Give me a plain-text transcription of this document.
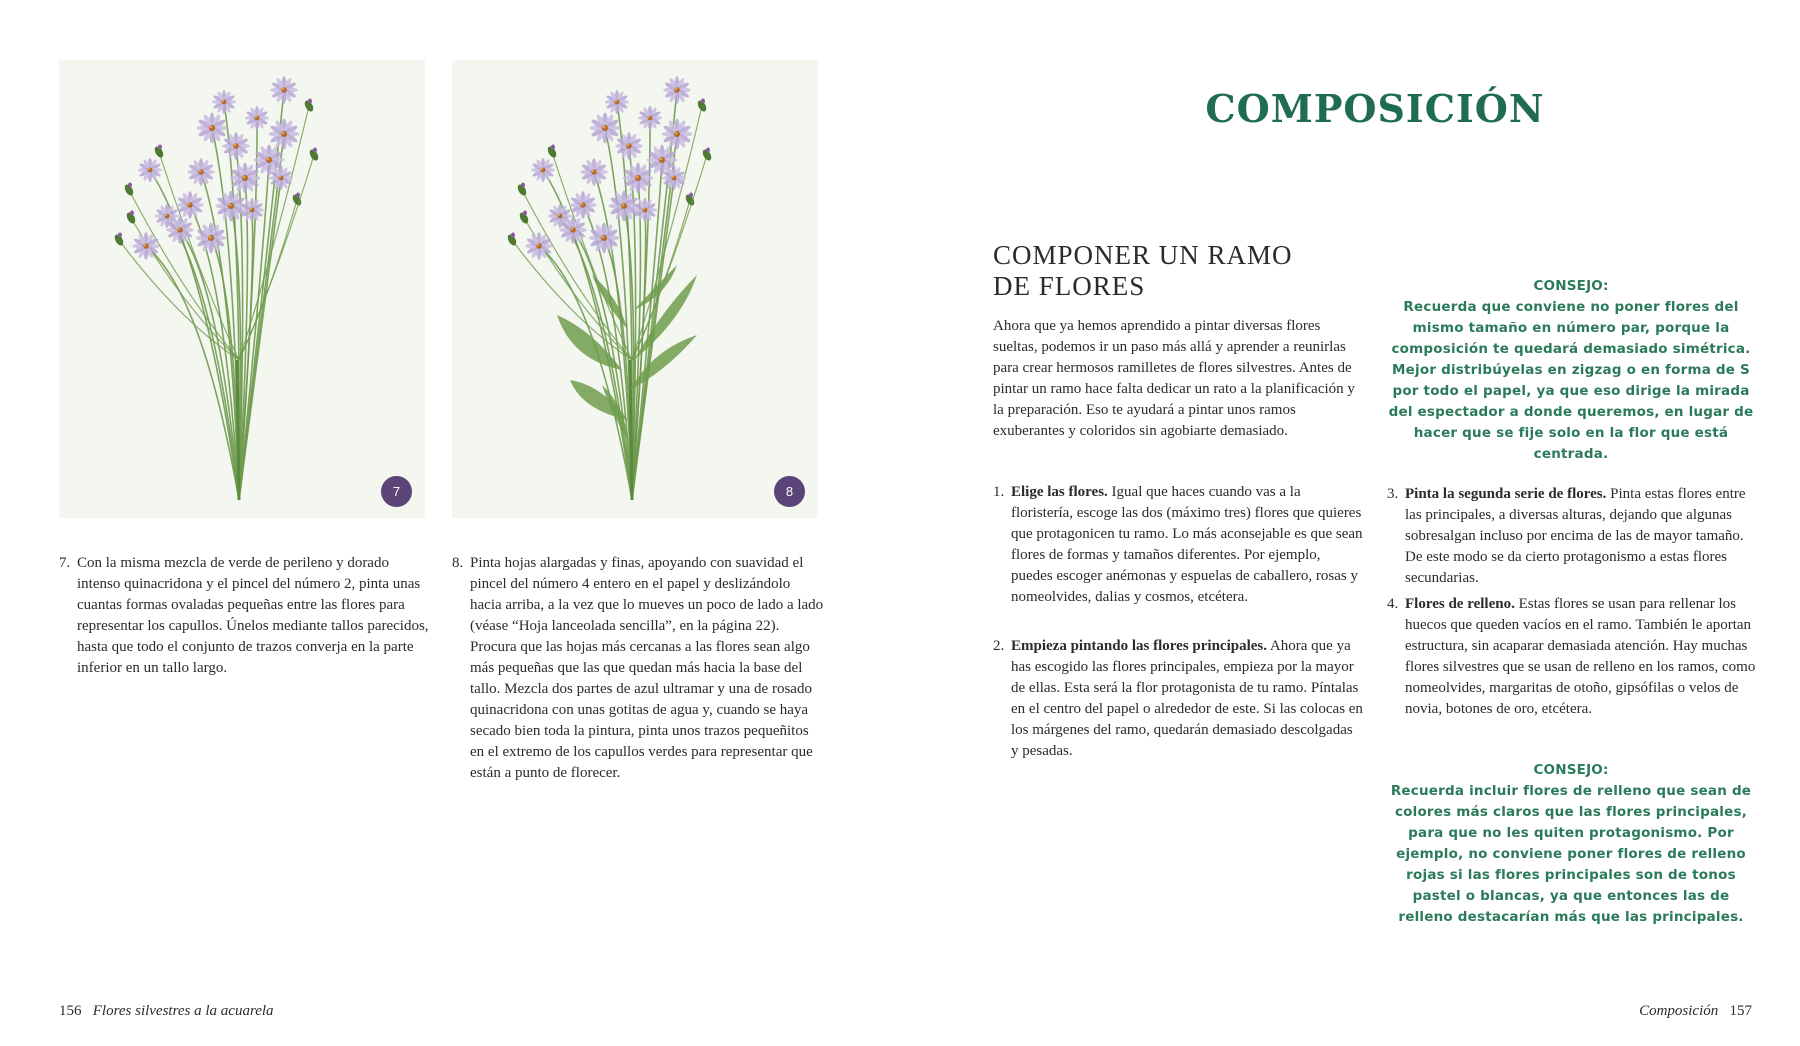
7	8
7. Con la misma mezcla de verde de perileno y dorado intenso quinacridona y el pincel del número 2, pinta unas cuantas formas ovaladas pequeñas entre las flores para representar los capullos. Únelos mediante tallos parecidos, hasta que todo el conjunto de trazos converja en la parte inferior en un tallo largo.
8. Pinta hojas alargadas y finas, apoyando con suavidad el pincel del número 4 entero en el papel y deslizándolo hacia arriba, a la vez que lo mueves un poco de lado a lado (véase “Hoja lanceolada sencilla”, en la página 22). Procura que las hojas más cercanas a las flores sean algo más pequeñas que las que quedan más hacia la base del tallo. Mezcla dos partes de azul ultramar y una de rosado quinacridona con unas gotitas de agua y, cuando se haya secado bien toda la pintura, pinta unos trazos pequeñitos en el extremo de los capullos verdes para representar que están a punto de florecer.
156 Flores silvestres a la acuarela
COMPOSICIÓN
COMPONER UN RAMO
DE FLORES
Ahora que ya hemos aprendido a pintar diversas flores sueltas, podemos ir un paso más allá y aprender a reunirlas para crear hermosos ramilletes de flores silvestres. Antes de pintar un ramo hace falta dedicar un rato a la planificación y la preparación. Eso te ayudará a pintar unos ramos exuberantes y coloridos sin agobiarte demasiado.
1. Elige las flores. Igual que haces cuando vas a la floristería, escoge las dos (máximo tres) flores que quieres que protagonicen tu ramo. Lo más aconsejable es que sean flores de formas y tamaños diferentes. Por ejemplo, puedes escoger anémonas y espuelas de caballero, rosas y nomeolvides, dalias y cosmos, etcétera.
2. Empieza pintando las flores principales. Ahora que ya has escogido las flores principales, empieza por la mayor de ellas. Esta será la flor protagonista de tu ramo. Píntalas en el centro del papel o alrededor de este. Si las colocas en los márgenes del ramo, quedarán demasiado descolgadas y pesadas.
CONSEJO:
Recuerda que conviene no poner flores del mismo tamaño en número par, porque la composición te quedará demasiado simétrica. Mejor distribúyelas en zigzag o en forma de S por todo el papel, ya que eso dirige la mirada del espectador a donde queremos, en lugar de hacer que se fije solo en la flor que está centrada.
3. Pinta la segunda serie de flores. Pinta estas flores entre las principales, a diversas alturas, dejando que algunas sobresalgan incluso por encima de las de mayor tamaño. De este modo se da cierto protagonismo a estas flores secundarias.
4. Flores de relleno. Estas flores se usan para rellenar los huecos que queden vacíos en el ramo. También le aportan estructura, sin acaparar demasiada atención. Hay muchas flores silvestres que se usan de relleno en los ramos, como nomeolvides, margaritas de otoño, gipsófilas o velos de novia, botones de oro, etcétera.
CONSEJO:
Recuerda incluir flores de relleno que sean de colores más claros que las flores principales, para que no les quiten protagonismo. Por ejemplo, no conviene poner flores de relleno rojas si las flores principales son de tonos pastel o blancas, ya que entonces las de relleno destacarían más que las principales.
Composición 157
